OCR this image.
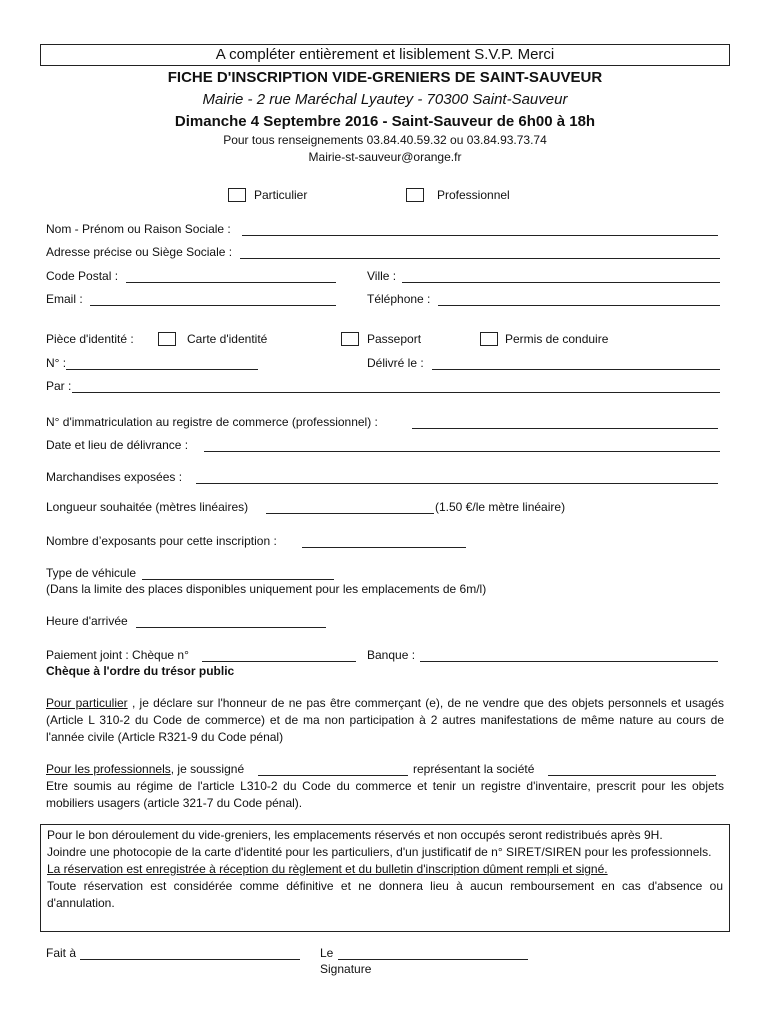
A compléter entièrement et lisiblement S.V.P. Merci
FICHE D'INSCRIPTION VIDE-GRENIERS DE SAINT-SAUVEUR
Mairie - 2 rue Maréchal Lyautey - 70300 Saint-Sauveur
Dimanche 4 Septembre 2016 - Saint-Sauveur de 6h00 à 18h
Pour tous renseignements 03.84.40.59.32 ou 03.84.93.73.74
Mairie-st-sauveur@orange.fr
Particulier	Professionnel
Nom - Prénom ou Raison Sociale :
Adresse précise ou Siège Sociale :
Code Postal :	Ville :
Email :	Téléphone :
Pièce d'identité :	Carte d'identité	Passeport	Permis de conduire
N° :	Délivré le :
Par :
N° d'immatriculation au registre de commerce (professionnel) :
Date et lieu de délivrance :
Marchandises exposées :
Longueur souhaitée (mètres linéaires)	(1.50 €/le mètre linéaire)
Nombre d’exposants pour cette inscription :
Type de véhicule
(Dans la limite des places disponibles uniquement pour les emplacements de 6m/l)
Heure d'arrivée
Paiement joint : Chèque n°	Banque :
Chèque à l'ordre du trésor public
Pour particulier , je déclare sur l'honneur de ne pas être commerçant (e), de ne vendre que des objets personnels et usagés (Article L 310-2 du Code de commerce) et de ma non participation à 2 autres manifestations de même nature au cours de l'année civile (Article R321-9 du Code pénal)
Pour les professionnels, je soussigné	représentant la société
Etre soumis au régime de l'article L310-2 du Code du commerce et tenir un registre d'inventaire, prescrit pour les objets mobiliers usagers (article 321-7 du Code pénal).

Pour le bon déroulement du vide-greniers, les emplacements réservés et non occupés seront redistribués après 9H.

Joindre une photocopie de la carte d'identité pour les particuliers, d'un justificatif de n° SIRET/SIREN pour les professionnels.

La réservation est enregistrée à réception du règlement et du bulletin d'inscription dûment rempli et signé.

Toute réservation est considérée comme définitive et ne donnera lieu à aucun remboursement en cas d'absence ou d'annulation.

Fait à	Le
Signature
